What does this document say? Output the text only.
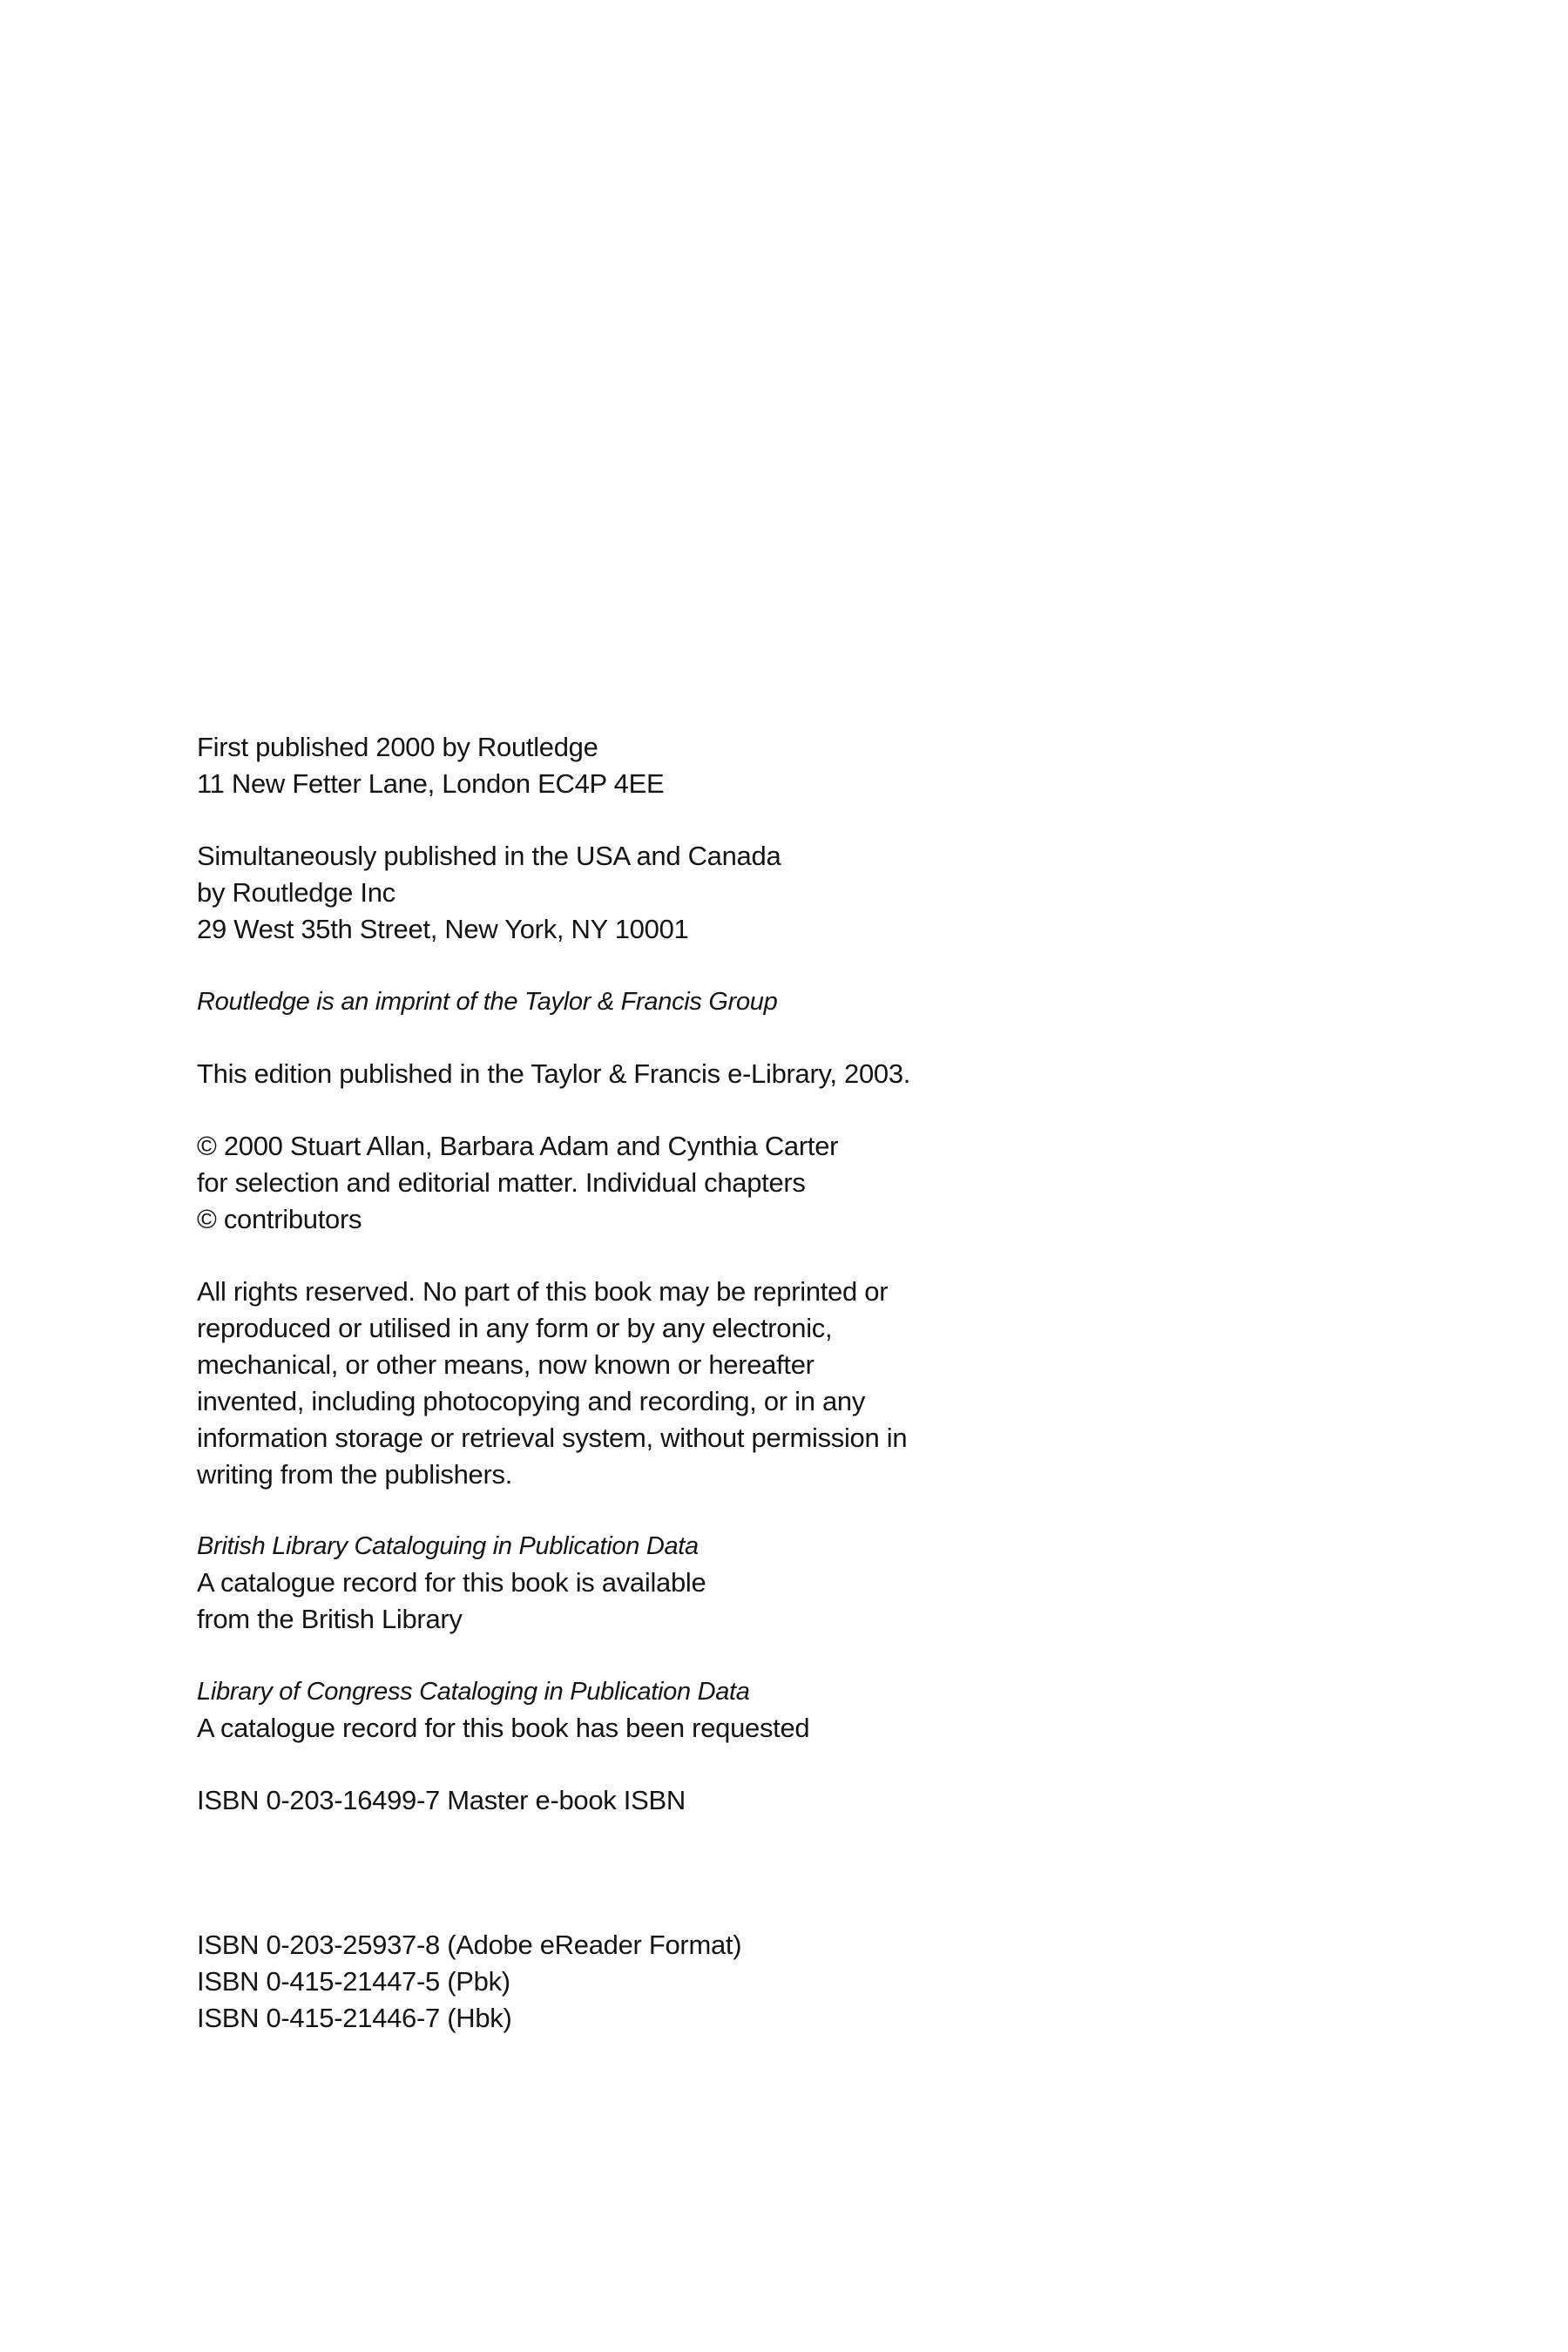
First published 2000 by Routledge
11 New Fetter Lane, London EC4P 4EE
Simultaneously published in the USA and Canada
by Routledge Inc
29 West 35th Street, New York, NY 10001
Routledge is an imprint of the Taylor & Francis Group
This edition published in the Taylor & Francis e-Library, 2003.
© 2000 Stuart Allan, Barbara Adam and Cynthia Carter
for selection and editorial matter. Individual chapters
© contributors
All rights reserved. No part of this book may be reprinted or
reproduced or utilised in any form or by any electronic,
mechanical, or other means, now known or hereafter
invented, including photocopying and recording, or in any
information storage or retrieval system, without permission in
writing from the publishers.
British Library Cataloguing in Publication Data
A catalogue record for this book is available
from the British Library
Library of Congress Cataloging in Publication Data
A catalogue record for this book has been requested
ISBN 0-203-16499-7 Master e-book ISBN
ISBN 0-203-25937-8 (Adobe eReader Format)
ISBN 0-415-21447-5 (Pbk)
ISBN 0-415-21446-7 (Hbk)
